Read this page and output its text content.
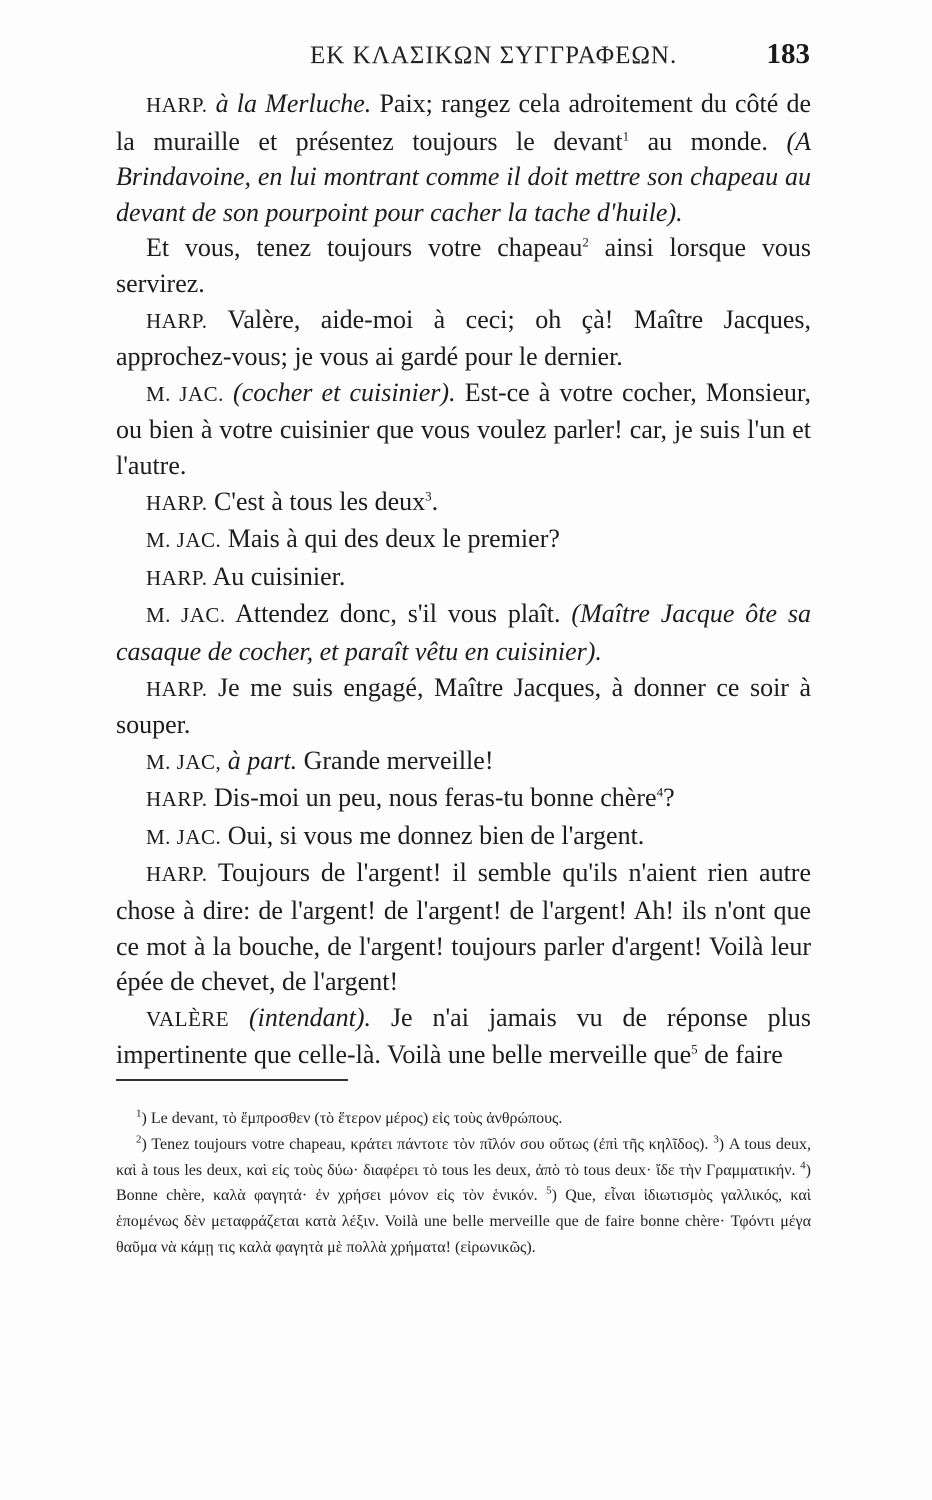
ΕΚ ΚΛΑΣΙΚΩΝ ΣΥΓΓΡΑΦΕΩΝ.	183

HARP. à la Merluche. Paix; rangez cela adroitement du côté de la muraille et présentez toujours le devant$^1$ au monde. (A Brindavoine, en lui montrant comme il doit mettre son chapeau au devant de son pourpoint pour cacher la tache d'huile).

Et vous, tenez toujours votre chapeau$^2$ ainsi lorsque vous servirez.

HARP. Valère, aide-moi à ceci; oh çà! Maître Jacques, approchez-vous; je vous ai gardé pour le dernier.

M. JAC. (cocher et cuisinier). Est-ce à votre cocher, Monsieur, ou bien à votre cuisinier que vous voulez parler! car, je suis l'un et l'autre.

HARP. C'est à tous les deux$^3$.

M. JAC. Mais à qui des deux le premier?

HARP. Au cuisinier.

M. JAC. Attendez donc, s'il vous plaît. (Maître Jacque ôte sa casaque de cocher, et paraît vêtu en cuisinier).

HARP. Je me suis engagé, Maître Jacques, à donner ce soir à souper.

M. JAC, à part. Grande merveille!

HARP. Dis-moi un peu, nous feras-tu bonne chère$^4$?

M. JAC. Oui, si vous me donnez bien de l'argent.

HARP. Toujours de l'argent! il semble qu'ils n'aient rien autre chose à dire: de l'argent! de l'argent! de l'argent! Ah! ils n'ont que ce mot à la bouche, de l'argent! toujours parler d'argent! Voilà leur épée de chevet, de l'argent!

VALÈRE (intendant). Je n'ai jamais vu de réponse plus impertinente que celle-là. Voilà une belle merveille que$^5$ de faire

$^1$) Le devant, τὸ ἔμπροσθεν (τὸ ἕτερον μέρος) εἰς τοὺς ἀνθρώπους.

$^2$) Tenez toujours votre chapeau, κράτει πάντοτε τὸν πῖλόν σου οὕτως (ἐπὶ τῆς κηλῖδος). $^3$) A tous deux, καὶ à tous les deux, καὶ εἰς τοὺς δύω· διαφέρει τὸ tous les deux, ἀπὸ τὸ tous deux· ἴδε τὴν Γραμματικήν. $^4$) Bonne chère, καλὰ φαγητά· ἐν χρήσει μόνον εἰς τὸν ἑνικόν. $^5$) Que, εἶναι ἰδιωτισμὸς γαλλικός, καὶ ἑπομένως δὲν μεταφράζεται κατὰ λέξιν. Voilà une belle merveille que de faire bonne chère· Τφόντι μέγα θαῦμα νὰ κάμῃ τις καλὰ φαγητὰ μὲ πολλὰ χρήματα! (εἰρωνικῶς).
